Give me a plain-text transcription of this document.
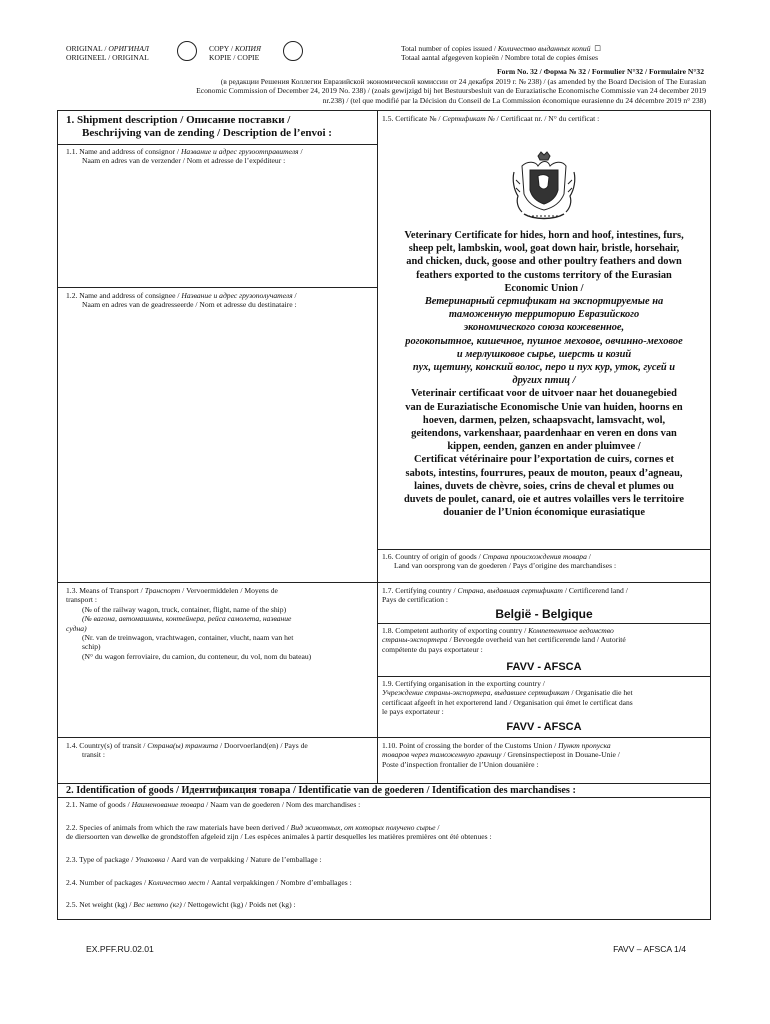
ORIGINAL / ОРИГИНАЛ
ORIGINEEL / ORIGINAL
COPY / КОПИЯ
KOPIE / COPIE
Total number of copies issued / Количество выданных копий ☐
Totaal aantal afgegeven kopieën / Nombre total de copies émises
Form No. 32 / Форма № 32 / Formulier N°32 / Formulaire N°32
(в редакции Решения Коллегии Евразийской экономической комиссии от 24 декабря 2019 г. № 238) / (as amended by the Board Decision of The Eurasian
Economic Commission of December 24, 2019 No. 238) / (zoals gewijzigd bij het Bestuursbesluit van de Euraziatische Economische Commissie van 24 december 2019
nr.238) / (tel que modifié par la Décision du Conseil de La Commission économique eurasienne du 24 décembre 2019 n° 238)
1. Shipment description / Описание поставки /
Beschrijving van de zending / Description de l’envoi :
1.5. Certificate № / Сертификат № / Certificaat nr. / N° du certificat :
1.1. Name and address of consignor / Название и адрес грузоотправителя /
Naam en adres van de verzender / Nom et adresse de l’expéditeur :
1.2. Name and address of consignee / Название и адрес грузополучателя /
Naam en adres van de geadresseerde / Nom et adresse du destinataire :
Veterinary Certificate for hides, horn and hoof, intestines, furs,
sheep pelt, lambskin, wool, goat down hair, bristle, horsehair,
and chicken, duck, goose and other poultry feathers and down
feathers exported to the customs territory of the Eurasian
Economic Union /
Ветеринарный сертификат на экспортируемые на
таможенную территорию Евразийского
экономического союза кожевенное,
рогокопытное, кишечное, пушное меховое, овчинно-меховое
и мерлушковое сырье, шерсть и козий
пух, щетину, конский волос, перо и пух кур, уток, гусей и
других птиц /
Veterinair certificaat voor de uitvoer naar het douanegebied
van de Euraziatische Economische Unie van huiden, hoorns en
hoeven, darmen, pelzen, schaapsvacht, lamsvacht, wol,
geitendons, varkenshaar, paardenhaar en veren en dons van
kippen, eenden, ganzen en ander pluimvee /
Certificat vétérinaire pour l’exportation de cuirs, cornes et
sabots, intestins, fourrures, peaux de mouton, peaux d’agneau,
laines, duvets de chèvre, soies, crins de cheval et plumes ou
duvets de poulet, canard, oie et autres volailles vers le territoire
douanier de l’Union économique eurasiatique
1.6. Country of origin of goods / Страна происхождения товара /
Land van oorsprong van de goederen / Pays d’origine des marchandises :
1.3. Means of Transport / Транспорт / Vervoermiddelen / Moyens de
transport :
(№ of the railway wagon, truck, container, flight, name of the ship)
(№ вагона, автомашины, контейнера, рейса самолета, название
судна)
(Nr. van de treinwagon, vrachtwagen, container, vlucht, naam van het
schip)
(N° du wagon ferroviaire, du camion, du conteneur, du vol, nom du bateau)
1.7. Certifying country / Страна, выдавшая сертификат / Certificerend land /
Pays de certification :
België - Belgique
1.8. Competent authority of exporting country / Компетентное ведомство
страны-экспортера / Bevoegde overheid van het certificerende land / Autorité
compétente du pays exportateur :
FAVV - AFSCA
1.9. Certifying organisation in the exporting country /
Учреждение страны-экспортера, выдавшее сертификат / Organisatie die het
certificaat afgeeft in het exporterend land / Organisation qui émet le certificat dans
le pays exportateur :
FAVV - AFSCA
1.4. Country(s) of transit / Страна(ы) транзита / Doorvoerland(en) / Pays de
transit :
1.10. Point of crossing the border of the Customs Union / Пункт пропуска
товаров через таможенную границу / Grensinspectiepost in Douane-Unie /
Poste d’inspection frontalier de l’Union douanière :
2. Identification of goods / Идентификация товара / Identificatie van de goederen / Identification des marchandises :
2.1. Name of goods / Наименование товара / Naam van de goederen / Nom des marchandises :
2.2. Species of animals from which the raw materials have been derived / Вид животных, от которых получено сырье /
de diersoorten van dewelke de grondstoffen afgeleid zijn / Les espèces animales à partir desquelles les matières premières ont été obtenues :
2.3. Type of package / Упаковка / Aard van de verpakking / Nature de l’emballage :
2.4. Number of packages / Количество мест / Aantal verpakkingen / Nombre d’emballages :
2.5. Net weight (kg) / Вес нетто (кг) / Nettogewicht (kg) / Poids net (kg) :
EX.PFF.RU.02.01	FAVV – AFSCA 1/4
